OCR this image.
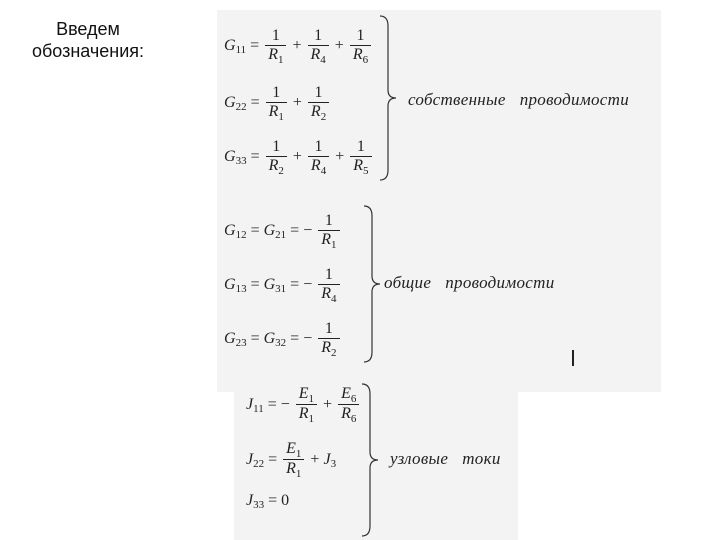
Введем
обозначения:	G $11 = \frac{1}{R_1} + \frac{1}{R_4} + \frac{1}{R_6}$
G $22 = \frac{1}{R_1} + \frac{1}{R_2}$
G $33 = \frac{1}{R_2} + \frac{1}{R_4} + \frac{1}{R_5}$
собственные проводимости
G 12 = G 21 = − $\frac{1}{R_1}$
G 13 = G 31 = − $\frac{1}{R_4}$
G 23 = G 32 = − $\frac{1}{R_2}$
общие проводимости
J 11 = − $\frac{E_1}{R_1} + \frac{E_6}{R_6}$
J $22 = \frac{E_1}{R_1} + J$ 3
J 33 = 0
узловые токи
